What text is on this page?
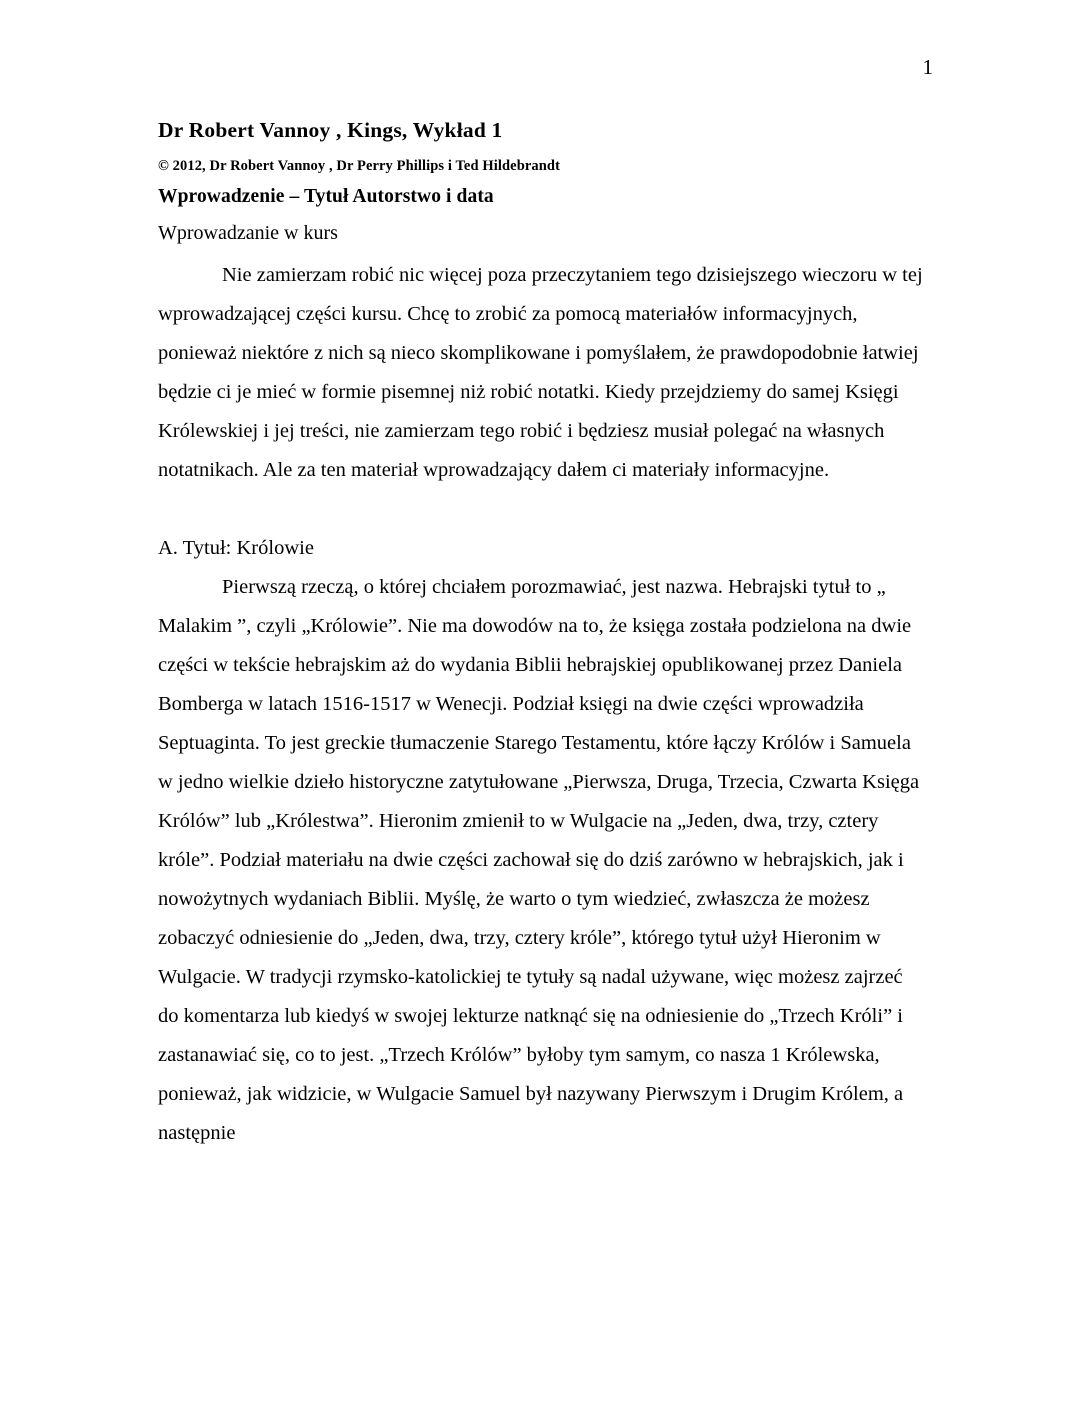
1
Dr Robert Vannoy , Kings, Wykład 1
© 2012, Dr Robert Vannoy , Dr Perry Phillips i Ted Hildebrandt
Wprowadzenie – Tytuł Autorstwo i data
Wprowadzanie w kurs

Nie zamierzam robić nic więcej poza przeczytaniem tego dzisiejszego wieczoru w tej wprowadzającej części kursu. Chcę to zrobić za pomocą materiałów informacyjnych, ponieważ niektóre z nich są nieco skomplikowane i pomyślałem, że prawdopodobnie łatwiej będzie ci je mieć w formie pisemnej niż robić notatki. Kiedy przejdziemy do samej Księgi Królewskiej i jej treści, nie zamierzam tego robić i będziesz musiał polegać na własnych notatnikach. Ale za ten materiał wprowadzający dałem ci materiały informacyjne.

A. Tytuł: Królowie

Pierwszą rzeczą, o której chciałem porozmawiać, jest nazwa. Hebrajski tytuł to „ Malakim ”, czyli „Królowie”. Nie ma dowodów na to, że księga została podzielona na dwie części w tekście hebrajskim aż do wydania Biblii hebrajskiej opublikowanej przez Daniela Bomberga w latach 1516-1517 w Wenecji. Podział księgi na dwie części wprowadziła Septuaginta. To jest greckie tłumaczenie Starego Testamentu, które łączy Królów i Samuela w jedno wielkie dzieło historyczne zatytułowane „Pierwsza, Druga, Trzecia, Czwarta Księga Królów” lub „Królestwa”. Hieronim zmienił to w Wulgacie na „Jeden, dwa, trzy, cztery króle”. Podział materiału na dwie części zachował się do dziś zarówno w hebrajskich, jak i nowożytnych wydaniach Biblii. Myślę, że warto o tym wiedzieć, zwłaszcza że możesz zobaczyć odniesienie do „Jeden, dwa, trzy, cztery króle”, którego tytuł użył Hieronim w Wulgacie. W tradycji rzymsko-katolickiej te tytuły są nadal używane, więc możesz zajrzeć do komentarza lub kiedyś w swojej lekturze natknąć się na odniesienie do „Trzech Króli” i zastanawiać się, co to jest. „Trzech Królów” byłoby tym samym, co nasza 1 Królewska, ponieważ, jak widzicie, w Wulgacie Samuel był nazywany Pierwszym i Drugim Królem, a następnie
